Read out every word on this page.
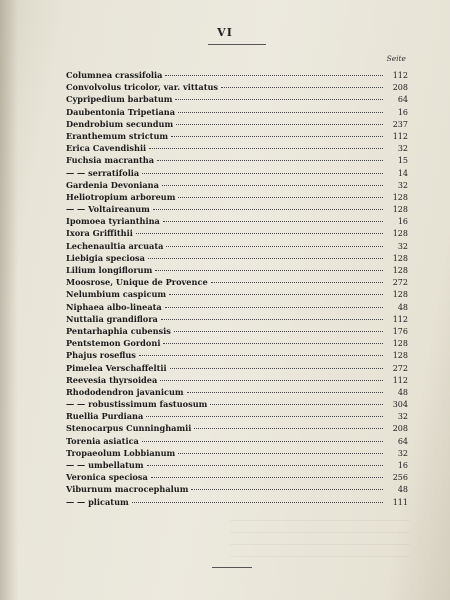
VI
Seite
Columnea crassifolia	112
Convolvolus tricolor, var. vittatus	208
Cypripedium barbatum	64
Daubentonia Tripetiana	16
Dendrobium secundum	237
Eranthemum strictum	112
Erica Cavendishii	32
Fuchsia macrantha	15
— — serratifolia	14
Gardenia Devoniana	32
Heliotropium arboreum	128
— — Voltaireanum	128
Ipomoea tyrianthina	16
Ixora Griffithii	128
Lechenaultia arcuata	32
Liebigia speciosa	128
Lilium longiflorum	128
Moosrose, Unique de Provence	272
Nelumbium caspicum	128
Niphaea albo-lineata	48
Nuttalia grandiflora	112
Pentarhaphia cubensis	176
Pentstemon Gordoni	128
Phajus roseflus	128
Pimelea Verschaffeltii	272
Reevesia thyrsoidea	112
Rhododendron javanicum	48
— — robustissimum fastuosum	304
Ruellia Purdiana	32
Stenocarpus Cunninghamii	208
Torenia asiatica	64
Tropaeolum Lobbianum	32
— — umbellatum	16
Veronica speciosa	256
Viburnum macrocephalum	48
— — plicatum	111
